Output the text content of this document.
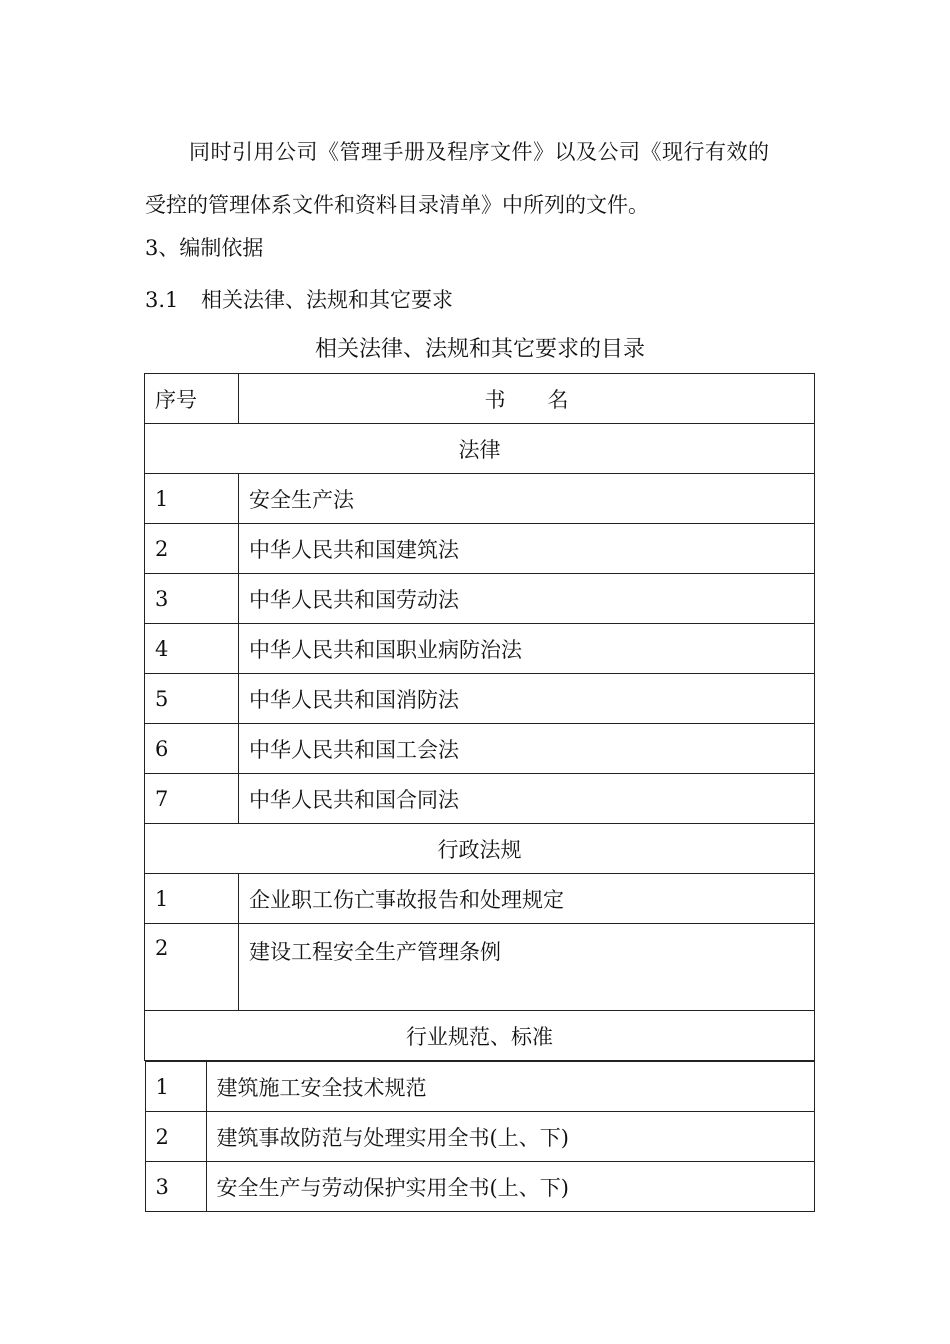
同时引用公司《管理手册及程序文件》以及公司《现行有效的
受控的管理体系文件和资料目录清单》中所列的文件。

3、编制依据
3.1 相关法律、法规和其它要求
相关法律、法规和其它要求的目录
序号	书　　名
法律
1	安全生产法
2	中华人民共和国建筑法
3	中华人民共和国劳动法
4	中华人民共和国职业病防治法
5	中华人民共和国消防法
6	中华人民共和国工会法
7	中华人民共和国合同法
行政法规
1	企业职工伤亡事故报告和处理规定
2	建设工程安全生产管理条例
行业规范、标准

1	建筑施工安全技术规范
2	建筑事故防范与处理实用全书(上、下)
3	安全生产与劳动保护实用全书(上、下)
